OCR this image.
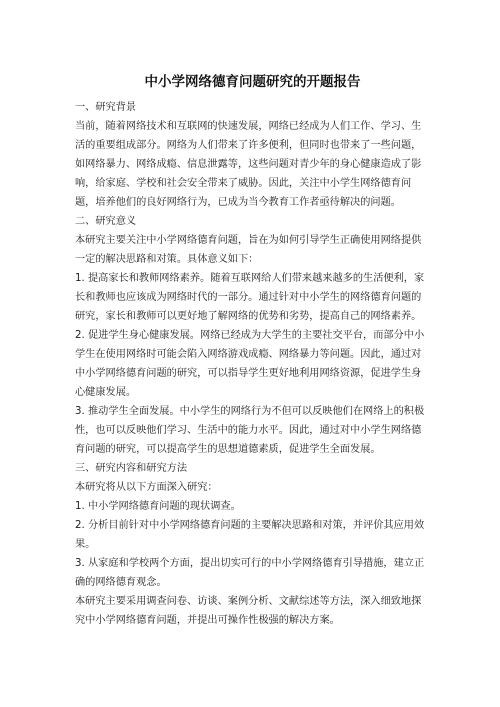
中小学网络德育问题研究的开题报告

一、研究背景

当前，随着网络技术和互联网的快速发展，网络已经成为人们工作、学习、生活的重要组成部分。网络为人们带来了许多便利，但同时也带来了一些问题，如网络暴力、网络成瘾、信息泄露等，这些问题对青少年的身心健康造成了影响，给家庭、学校和社会安全带来了威胁。因此，关注中小学生网络德育问题，培养他们的良好网络行为，已成为当今教育工作者亟待解决的问题。

二、研究意义

本研究主要关注中小学网络德育问题，旨在为如何引导学生正确使用网络提供一定的解决思路和对策。具体意义如下：

1. 提高家长和教师网络素养。随着互联网给人们带来越来越多的生活便利，家长和教师也应该成为网络时代的一部分。通过针对中小学生的网络德育问题的研究，家长和教师可以更好地了解网络的优势和劣势，提高自己的网络素养。

2. 促进学生身心健康发展。网络已经成为大学生的主要社交平台，而部分中小学生在使用网络时可能会陷入网络游戏成瘾、网络暴力等问题。因此，通过对中小学网络德育问题的研究，可以指导学生更好地利用网络资源，促进学生身心健康发展。

3. 推动学生全面发展。中小学生的网络行为不但可以反映他们在网络上的积极性，也可以反映他们学习、生活中的能力水平。因此，通过对中小学生网络德育问题的研究，可以提高学生的思想道德素质，促进学生全面发展。

三、研究内容和研究方法

本研究将从以下方面深入研究：

1. 中小学网络德育问题的现状调查。

2. 分析目前针对中小学网络德育问题的主要解决思路和对策，并评价其应用效果。

3. 从家庭和学校两个方面，提出切实可行的中小学网络德育引导措施，建立正确的网络德育观念。

本研究主要采用调查问卷、访谈、案例分析、文献综述等方法，深入细致地探究中小学网络德育问题，并提出可操作性极强的解决方案。
